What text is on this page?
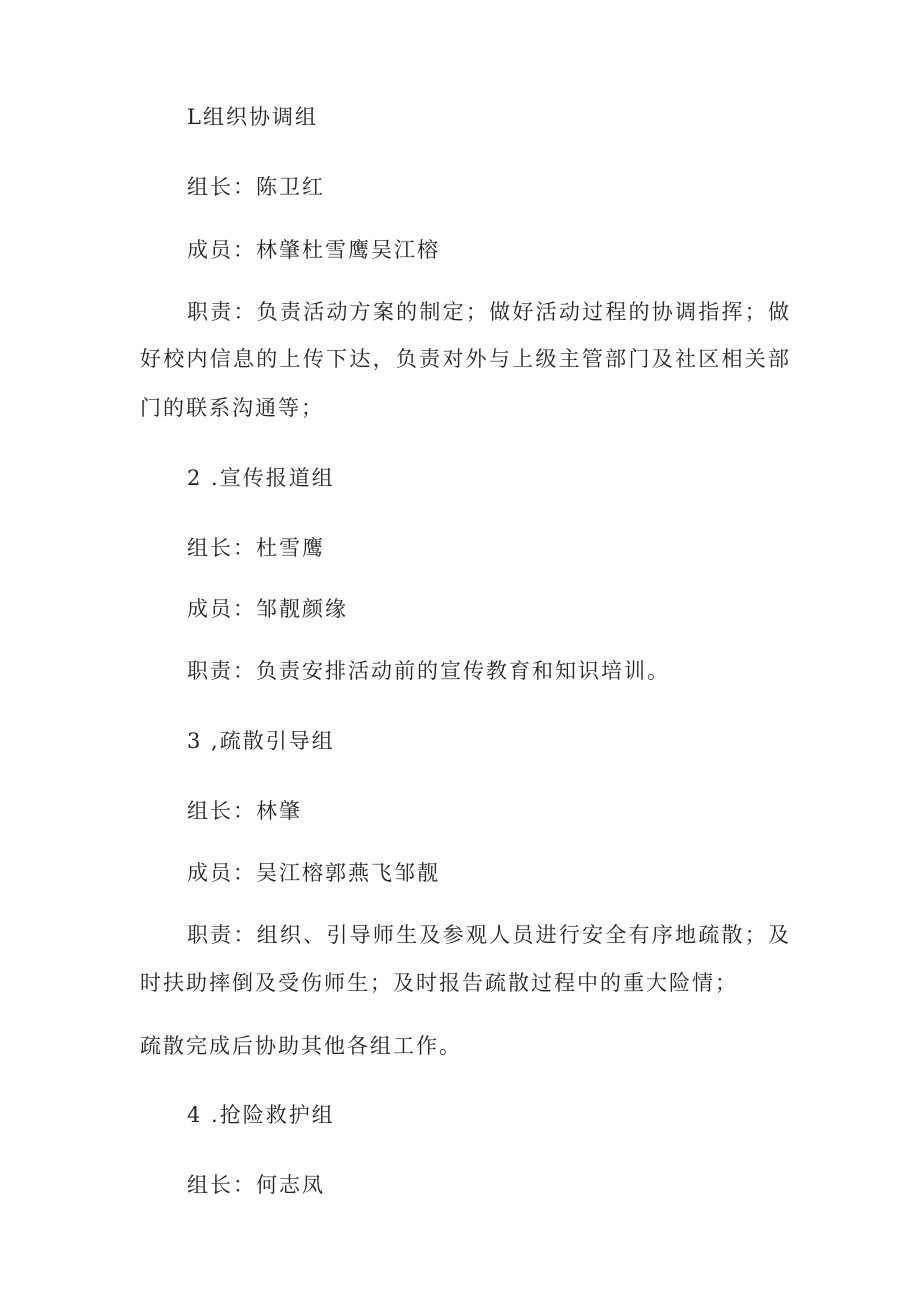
L组织协调组
组长：陈卫红
成员：林肇杜雪鹰吴江榕
职责：负责活动方案的制定；做好活动过程的协调指挥；做
好校内信息的上传下达，负责对外与上级主管部门及社区相关部
门的联系沟通等；
2 .宣传报道组
组长：杜雪鹰
成员：邹靓颜缘
职责：负责安排活动前的宣传教育和知识培训。
3 ,疏散引导组
组长：林肇
成员：吴江榕郭燕飞邹靓
职责：组织、引导师生及参观人员进行安全有序地疏散；及
时扶助摔倒及受伤师生；及时报告疏散过程中的重大险情；
疏散完成后协助其他各组工作。
4 .抢险救护组
组长：何志凤
